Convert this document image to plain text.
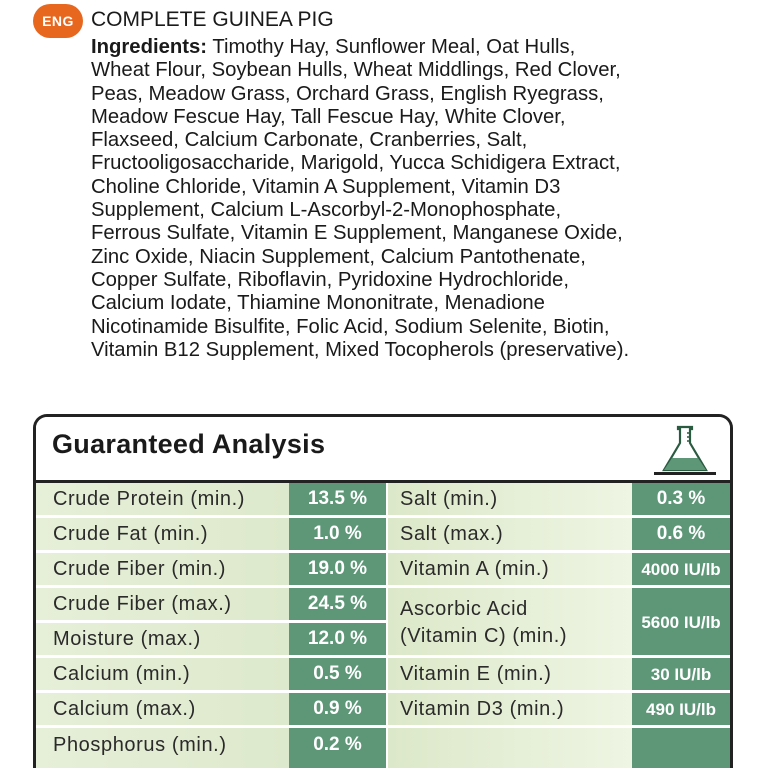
ENG COMPLETE GUINEA PIG
Ingredients: Timothy Hay, Sunflower Meal, Oat Hulls,
Wheat Flour, Soybean Hulls, Wheat Middlings, Red Clover,
Peas, Meadow Grass, Orchard Grass, English Ryegrass,
Meadow Fescue Hay, Tall Fescue Hay, White Clover,
Flaxseed, Calcium Carbonate, Cranberries, Salt,
Fructooligosaccharide, Marigold, Yucca Schidigera Extract,
Choline Chloride, Vitamin A Supplement, Vitamin D3
Supplement, Calcium L-Ascorbyl-2-Monophosphate,
Ferrous Sulfate, Vitamin E Supplement, Manganese Oxide,
Zinc Oxide, Niacin Supplement, Calcium Pantothenate,
Copper Sulfate, Riboflavin, Pyridoxine Hydrochloride,
Calcium Iodate, Thiamine Mononitrate, Menadione
Nicotinamide Bisulfite, Folic Acid, Sodium Selenite, Biotin,
Vitamin B12 Supplement, Mixed Tocopherols (preservative).
Guaranteed Analysis
Crude Protein (min.)
Crude Fat (min.)
Crude Fiber (min.)
Crude Fiber (max.)
Moisture (max.)
Calcium (min.)
Calcium (max.)
Phosphorus (min.)
13.5 %
1.0 %
19.0 %
24.5 %
12.0 %
0.5 %
0.9 %
0.2 %
Salt (min.)
Salt (max.)
Vitamin A (min.)
Ascorbic Acid
(Vitamin C) (min.)
Vitamin E (min.)
Vitamin D3 (min.)
0.3 %
0.6 %
4000 IU/lb
5600 IU/lb
30 IU/lb
490 IU/lb
